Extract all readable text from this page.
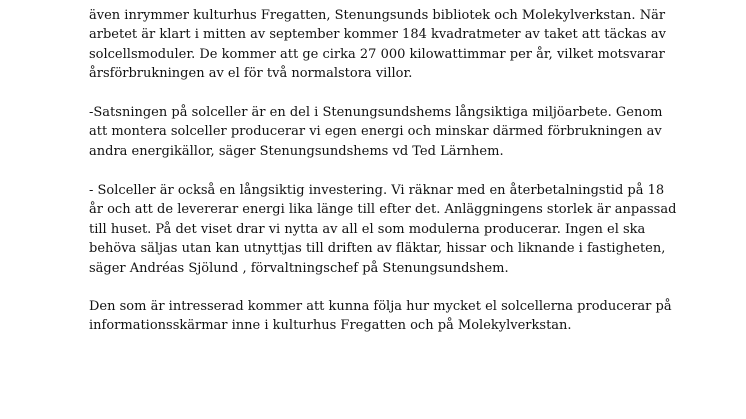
även inrymmer kulturhus Fregatten, Stenungsunds bibliotek och Molekylverkstan. När
arbetet är klart i mitten av september kommer 184 kvadratmeter av taket att täckas av
solcellsmoduler. De kommer att ge cirka 27 000 kilowattimmar per år, vilket motsvarar
årsförbrukningen av el för två normalstora villor.
-Satsningen på solceller är en del i Stenungsundshems långsiktiga miljöarbete. Genom
att montera solceller producerar vi egen energi och minskar därmed förbrukningen av
andra energikällor, säger Stenungsundshems vd Ted Lärnhem.
- Solceller är också en långsiktig investering. Vi räknar med en återbetalningstid på 18
år och att de levererar energi lika länge till efter det. Anläggningens storlek är anpassad
till huset. På det viset drar vi nytta av all el som modulerna producerar. Ingen el ska
behöva säljas utan kan utnyttjas till driften av fläktar, hissar och liknande i fastigheten,
säger Andréas Sjölund , förvaltningschef på Stenungsundshem.
Den som är intresserad kommer att kunna följa hur mycket el solcellerna producerar på
informationsskärmar inne i kulturhus Fregatten och på Molekylverkstan.
